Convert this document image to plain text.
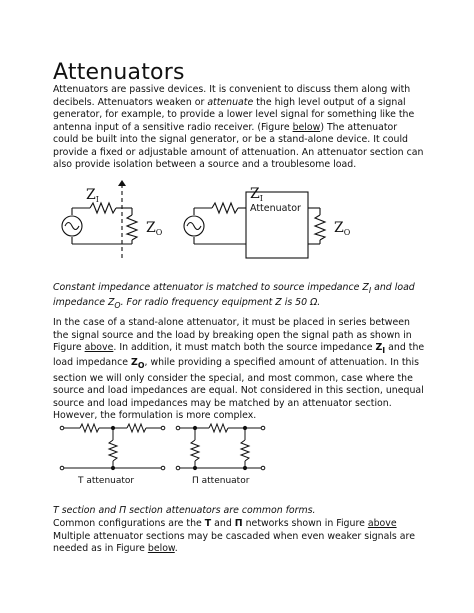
Attenuators

Attenuators are passive devices. It is convenient to discuss them along with decibels. Attenuators weaken or attenuate the high level output of a signal generator, for example, to provide a lower level signal for something like the antenna input of a sensitive radio receiver. (Figure below) The attenuator could be built into the signal generator, or be a stand-alone device. It could provide a fixed or adjustable amount of attenuation. An attenuator section can also provide isolation between a source and a troublesome load.

$Z_I$
$Z_O$
Attenuator
$Z_I$
$Z_O$

Constant impedance attenuator is matched to source impedance $Z_I$ and load impedance $Z_O$. For radio frequency equipment Z is 50 Ω.

In the case of a stand-alone attenuator, it must be placed in series between the signal source and the load by breaking open the signal path as shown in Figure above. In addition, it must match both the source impedance $Z_I$ and the load impedance $Z_O$, while providing a specified amount of attenuation. In this section we will only consider the special, and most common, case where the source and load impedances are equal. Not considered in this section, unequal source and load impedances may be matched by an attenuator section. However, the formulation is more complex.

T attenuator	Π attenuator

T section and Π section attenuators are common forms.

Common configurations are the T and Π networks shown in Figure above Multiple attenuator sections may be cascaded when even weaker signals are needed as in Figure below.
